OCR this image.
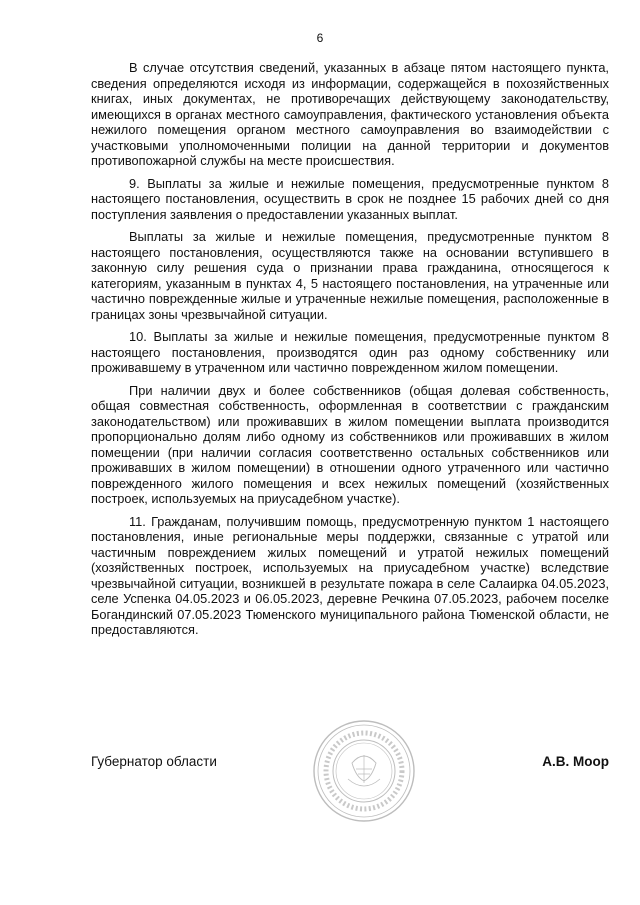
6

В случае отсутствия сведений, указанных в абзаце пятом настоящего пункта, сведения определяются исходя из информации, содержащейся в похозяйственных книгах, иных документах, не противоречащих действующему законодательству, имеющихся в органах местного самоуправления, фактического установления объекта нежилого помещения органом местного самоуправления во взаимодействии с участковыми уполномоченными полиции на данной территории и документов противопожарной службы на месте происшествия.

9. Выплаты за жилые и нежилые помещения, предусмотренные пунктом 8 настоящего постановления, осуществить в срок не позднее 15 рабочих дней со дня поступления заявления о предоставлении указанных выплат.

Выплаты за жилые и нежилые помещения, предусмотренные пунктом 8 настоящего постановления, осуществляются также на основании вступившего в законную силу решения суда о признании права гражданина, относящегося к категориям, указанным в пунктах 4, 5 настоящего постановления, на утраченные или частично поврежденные жилые и утраченные нежилые помещения, расположенные в границах зоны чрезвычайной ситуации.

10. Выплаты за жилые и нежилые помещения, предусмотренные пунктом 8 настоящего постановления, производятся один раз одному собственнику или проживавшему в утраченном или частично поврежденном жилом помещении.

При наличии двух и более собственников (общая долевая собственность, общая совместная собственность, оформленная в соответствии с гражданским законодательством) или проживавших в жилом помещении выплата производится пропорционально долям либо одному из собственников или проживавших в жилом помещении (при наличии согласия соответственно остальных собственников или проживавших в жилом помещении) в отношении одного утраченного или частично поврежденного жилого помещения и всех нежилых помещений (хозяйственных построек, используемых на приусадебном участке).

11. Гражданам, получившим помощь, предусмотренную пунктом 1 настоящего постановления, иные региональные меры поддержки, связанные с утратой или частичным повреждением жилых помещений и утратой нежилых помещений (хозяйственных построек, используемых на приусадебном участке) вследствие чрезвычайной ситуации, возникшей в результате пожара в селе Салаирка 04.05.2023, селе Успенка 04.05.2023 и 06.05.2023, деревне Речкина 07.05.2023, рабочем поселке Богандинский 07.05.2023 Тюменского муниципального района Тюменской области, не предоставляются.

Губернатор области	А.В. Моор
